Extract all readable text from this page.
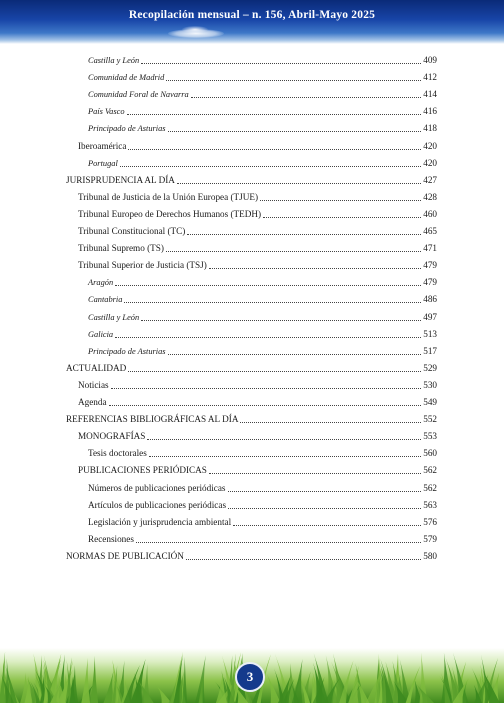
Recopilación mensual – n. 156, Abril-Mayo 2025
Castilla y León	409
Comunidad de Madrid	412
Comunidad Foral de Navarra	414
País Vasco	416
Principado de Asturias	418
Iberoamérica	420
Portugal	420
JURISPRUDENCIA AL DÍA	427
Tribunal de Justicia de la Unión Europea (TJUE)	428
Tribunal Europeo de Derechos Humanos (TEDH)	460
Tribunal Constitucional (TC)	465
Tribunal Supremo (TS)	471
Tribunal Superior de Justicia (TSJ)	479
Aragón	479
Cantabria	486
Castilla y León	497
Galicia	513
Principado de Asturias	517
ACTUALIDAD	529
Noticias	530
Agenda	549
REFERENCIAS BIBLIOGRÁFICAS AL DÍA	552
MONOGRAFÍAS	553
Tesis doctorales	560
PUBLICACIONES PERIÓDICAS	562
Números de publicaciones periódicas	562
Artículos de publicaciones periódicas	563
Legislación y jurisprudencia ambiental	576
Recensiones	579
NORMAS DE PUBLICACIÓN	580
3
